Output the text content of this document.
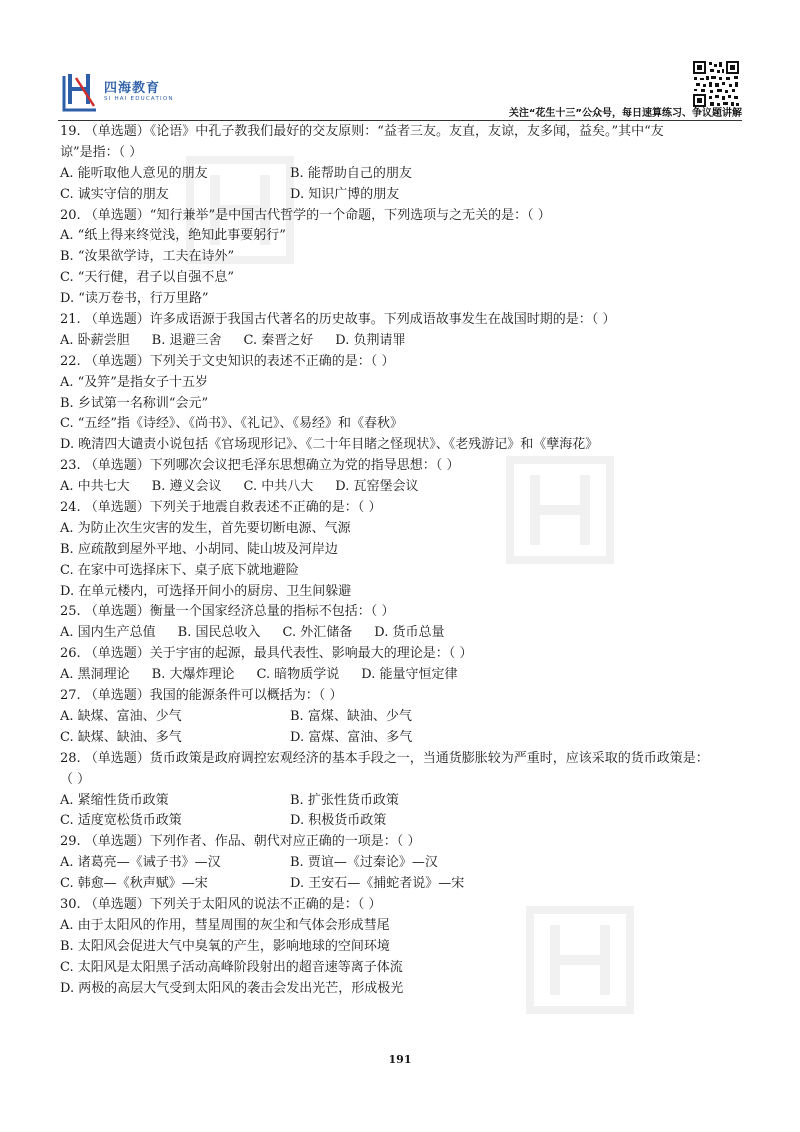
四海教育
SI HAI EDUCATION
关注“花生十三”公众号，每日速算练习、争议题讲解
19. （单选题）《论语》中孔子教我们最好的交友原则：“益者三友。友直，友谅，友多闻，益矣。”其中“友
谅”是指：（ ）
A. 能听取他人意见的朋友	B. 能帮助自己的朋友
C. 诚实守信的朋友	D. 知识广博的朋友
20. （单选题）“知行兼举”是中国古代哲学的一个命题，下列选项与之无关的是：（ ）
A. “纸上得来终觉浅，绝知此事要躬行”
B. “汝果欲学诗，工夫在诗外”
C. “天行健，君子以自强不息”
D. “读万卷书，行万里路”
21. （单选题）许多成语源于我国古代著名的历史故事。下列成语故事发生在战国时期的是：（ ）
A. 卧薪尝胆 B. 退避三舍 C. 秦晋之好 D. 负荆请罪
22. （单选题）下列关于文史知识的表述不正确的是：（ ）
A. “及笄”是指女子十五岁
B. 乡试第一名称训“会元”
C. “五经”指《诗经》、《尚书》、《礼记》、《易经》和《春秋》
D. 晚清四大谴责小说包括《官场现形记》、《二十年目睹之怪现状》、《老残游记》和《孽海花》
23. （单选题）下列哪次会议把毛泽东思想确立为党的指导思想：（ ）
A. 中共七大 B. 遵义会议 C. 中共八大 D. 瓦窑堡会议
24. （单选题）下列关于地震自救表述不正确的是：（ ）
A. 为防止次生灾害的发生，首先要切断电源、气源
B. 应疏散到屋外平地、小胡同、陡山坡及河岸边
C. 在家中可选择床下、桌子底下就地避险
D. 在单元楼内，可选择开间小的厨房、卫生间躲避
25. （单选题）衡量一个国家经济总量的指标不包括：（ ）
A. 国内生产总值 B. 国民总收入 C. 外汇储备 D. 货币总量
26. （单选题）关于宇宙的起源，最具代表性、影响最大的理论是：（ ）
A. 黑洞理论 B. 大爆炸理论 C. 暗物质学说 D. 能量守恒定律
27. （单选题）我国的能源条件可以概括为：（ ）
A. 缺煤、富油、少气	B. 富煤、缺油、少气
C. 缺煤、缺油、多气	D. 富煤、富油、多气
28. （单选题）货币政策是政府调控宏观经济的基本手段之一，当通货膨胀较为严重时，应该采取的货币政策是：
（ ）
A. 紧缩性货币政策	B. 扩张性货币政策
C. 适度宽松货币政策	D. 积极货币政策
29. （单选题）下列作者、作品、朝代对应正确的一项是：（ ）
A. 诸葛亮—《诫子书》—汉	B. 贾谊—《过秦论》—汉
C. 韩愈—《秋声赋》—宋	D. 王安石—《捕蛇者说》—宋
30. （单选题）下列关于太阳风的说法不正确的是：（ ）
A. 由于太阳风的作用，彗星周围的灰尘和气体会形成彗尾
B. 太阳风会促进大气中臭氧的产生，影响地球的空间环境
C. 太阳风是太阳黑子活动高峰阶段射出的超音速等离子体流
D. 两极的高层大气受到太阳风的袭击会发出光芒，形成极光
191
